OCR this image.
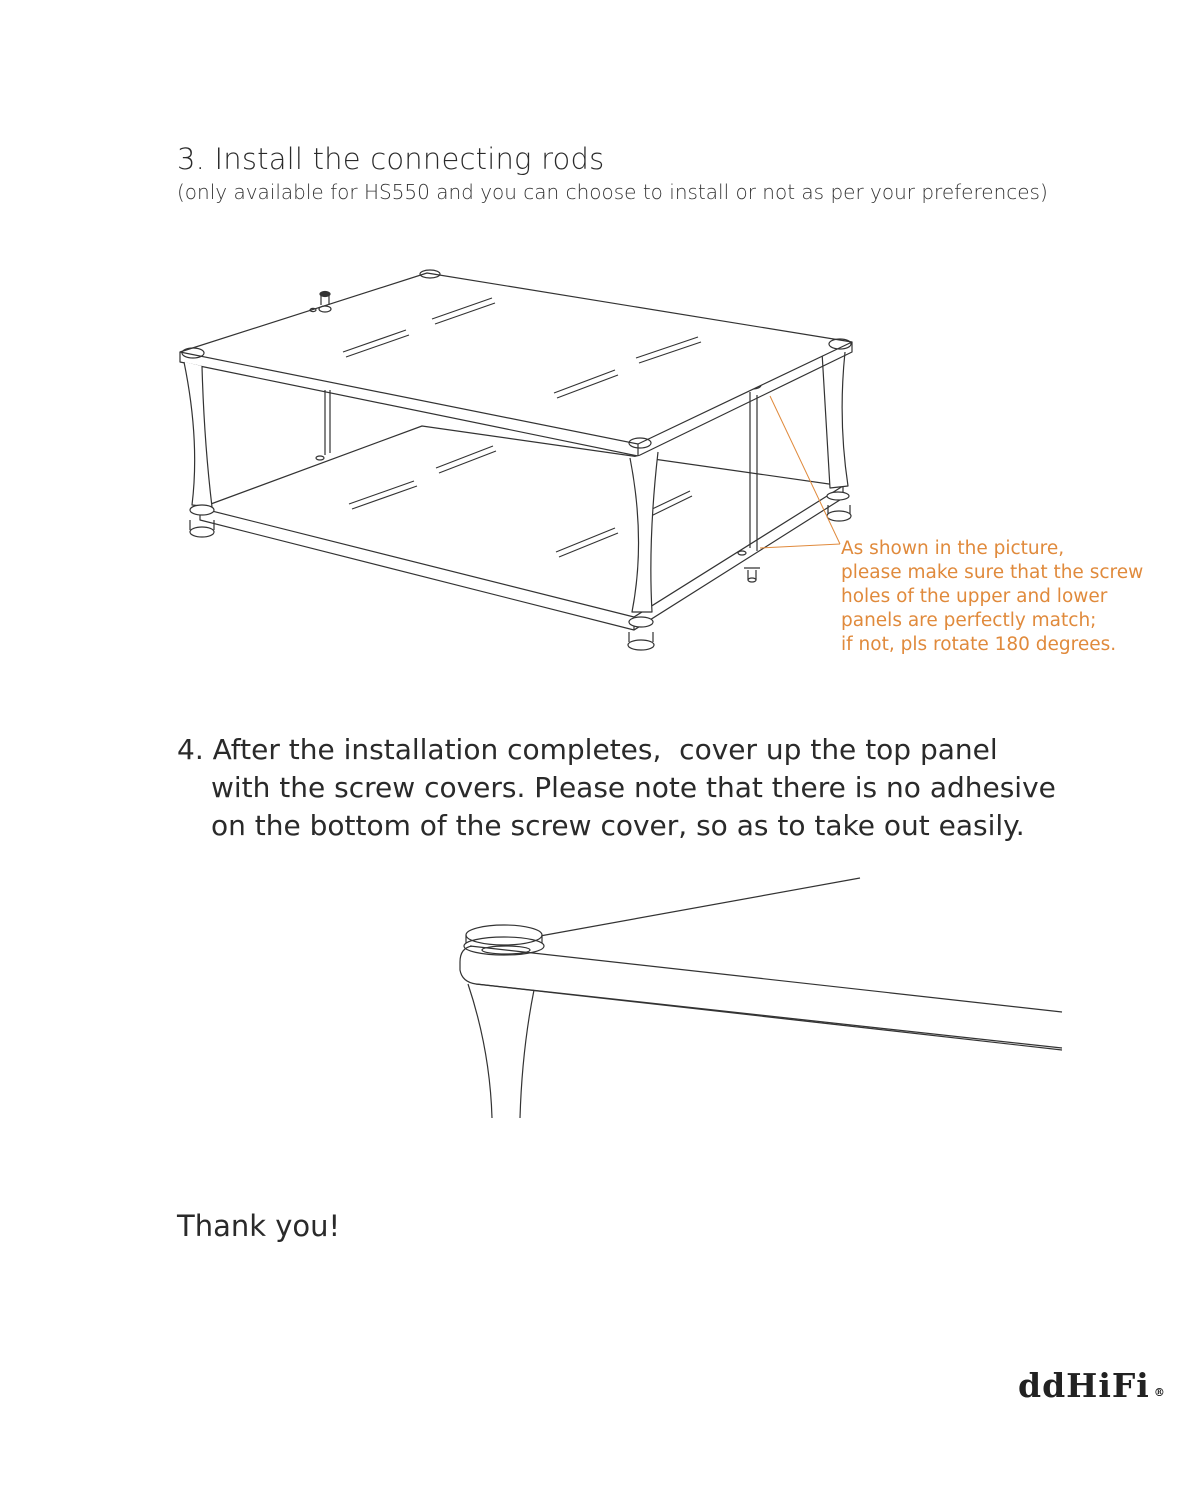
3. Install the connecting rods
(only available for HS550 and you can choose to install or not as per your preferences)
As shown in the picture,
please make sure that the screw
holes of the upper and lower
panels are perfectly match;
if not, pls rotate 180 degrees.
4. After the installation completes,  cover up the top panel
with the screw covers. Please note that there is no adhesive
on the bottom of the screw cover, so as to take out easily.
Thank you!
ddHiFi ®
